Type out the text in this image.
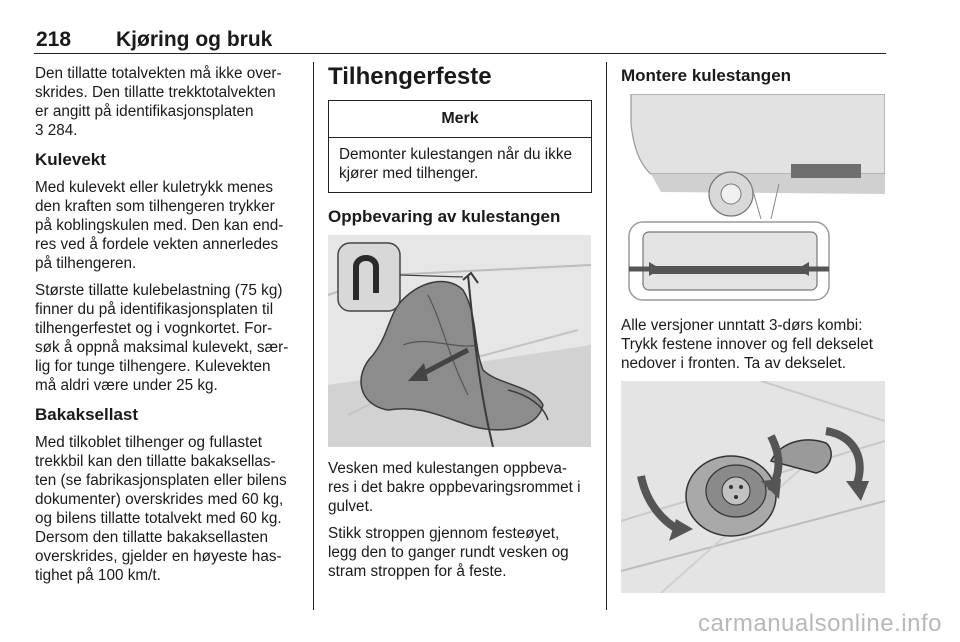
218 Kjøring og bruk

Den tillatte totalvekten må ikke over-
skrides. Den tillatte trekktotalvekten
er angitt på identifikasjonsplaten
3 284.

Kulevekt

Med kulevekt eller kuletrykk menes
den kraften som tilhengeren trykker
på koblingskulen med. Den kan end-
res ved å fordele vekten annerledes
på tilhengeren.

Største tillatte kulebelastning (75 kg)
finner du på identifikasjonsplaten til
tilhengerfestet og i vognkortet. For-
søk å oppnå maksimal kulevekt, sær-
lig for tunge tilhengere. Kulevekten
må aldri være under 25 kg.

Bakaksellast

Med tilkoblet tilhenger og fullastet
trekkbil kan den tillatte bakaksellas-
ten (se fabrikasjonsplaten eller bilens
dokumenter) overskrides med 60 kg,
og bilens tillatte totalvekt med 60 kg.
Dersom den tillatte bakaksellasten
overskrides, gjelder en høyeste has-
tighet på 100 km/t.

Tilhengerfeste
Merk
Demonter kulestangen når du ikke
kjører med tilhenger.
Oppbevaring av kulestangen

Vesken med kulestangen oppbeva-
res i det bakre oppbevaringsrommet i
gulvet.

Stikk stroppen gjennom festeøyet,
legg den to ganger rundt vesken og
stram stroppen for å feste.

Montere kulestangen

Alle versjoner unntatt 3-dørs kombi:
Trykk festene innover og fell dekselet
nedover i fronten. Ta av dekselet.

carmanualsonline.info
